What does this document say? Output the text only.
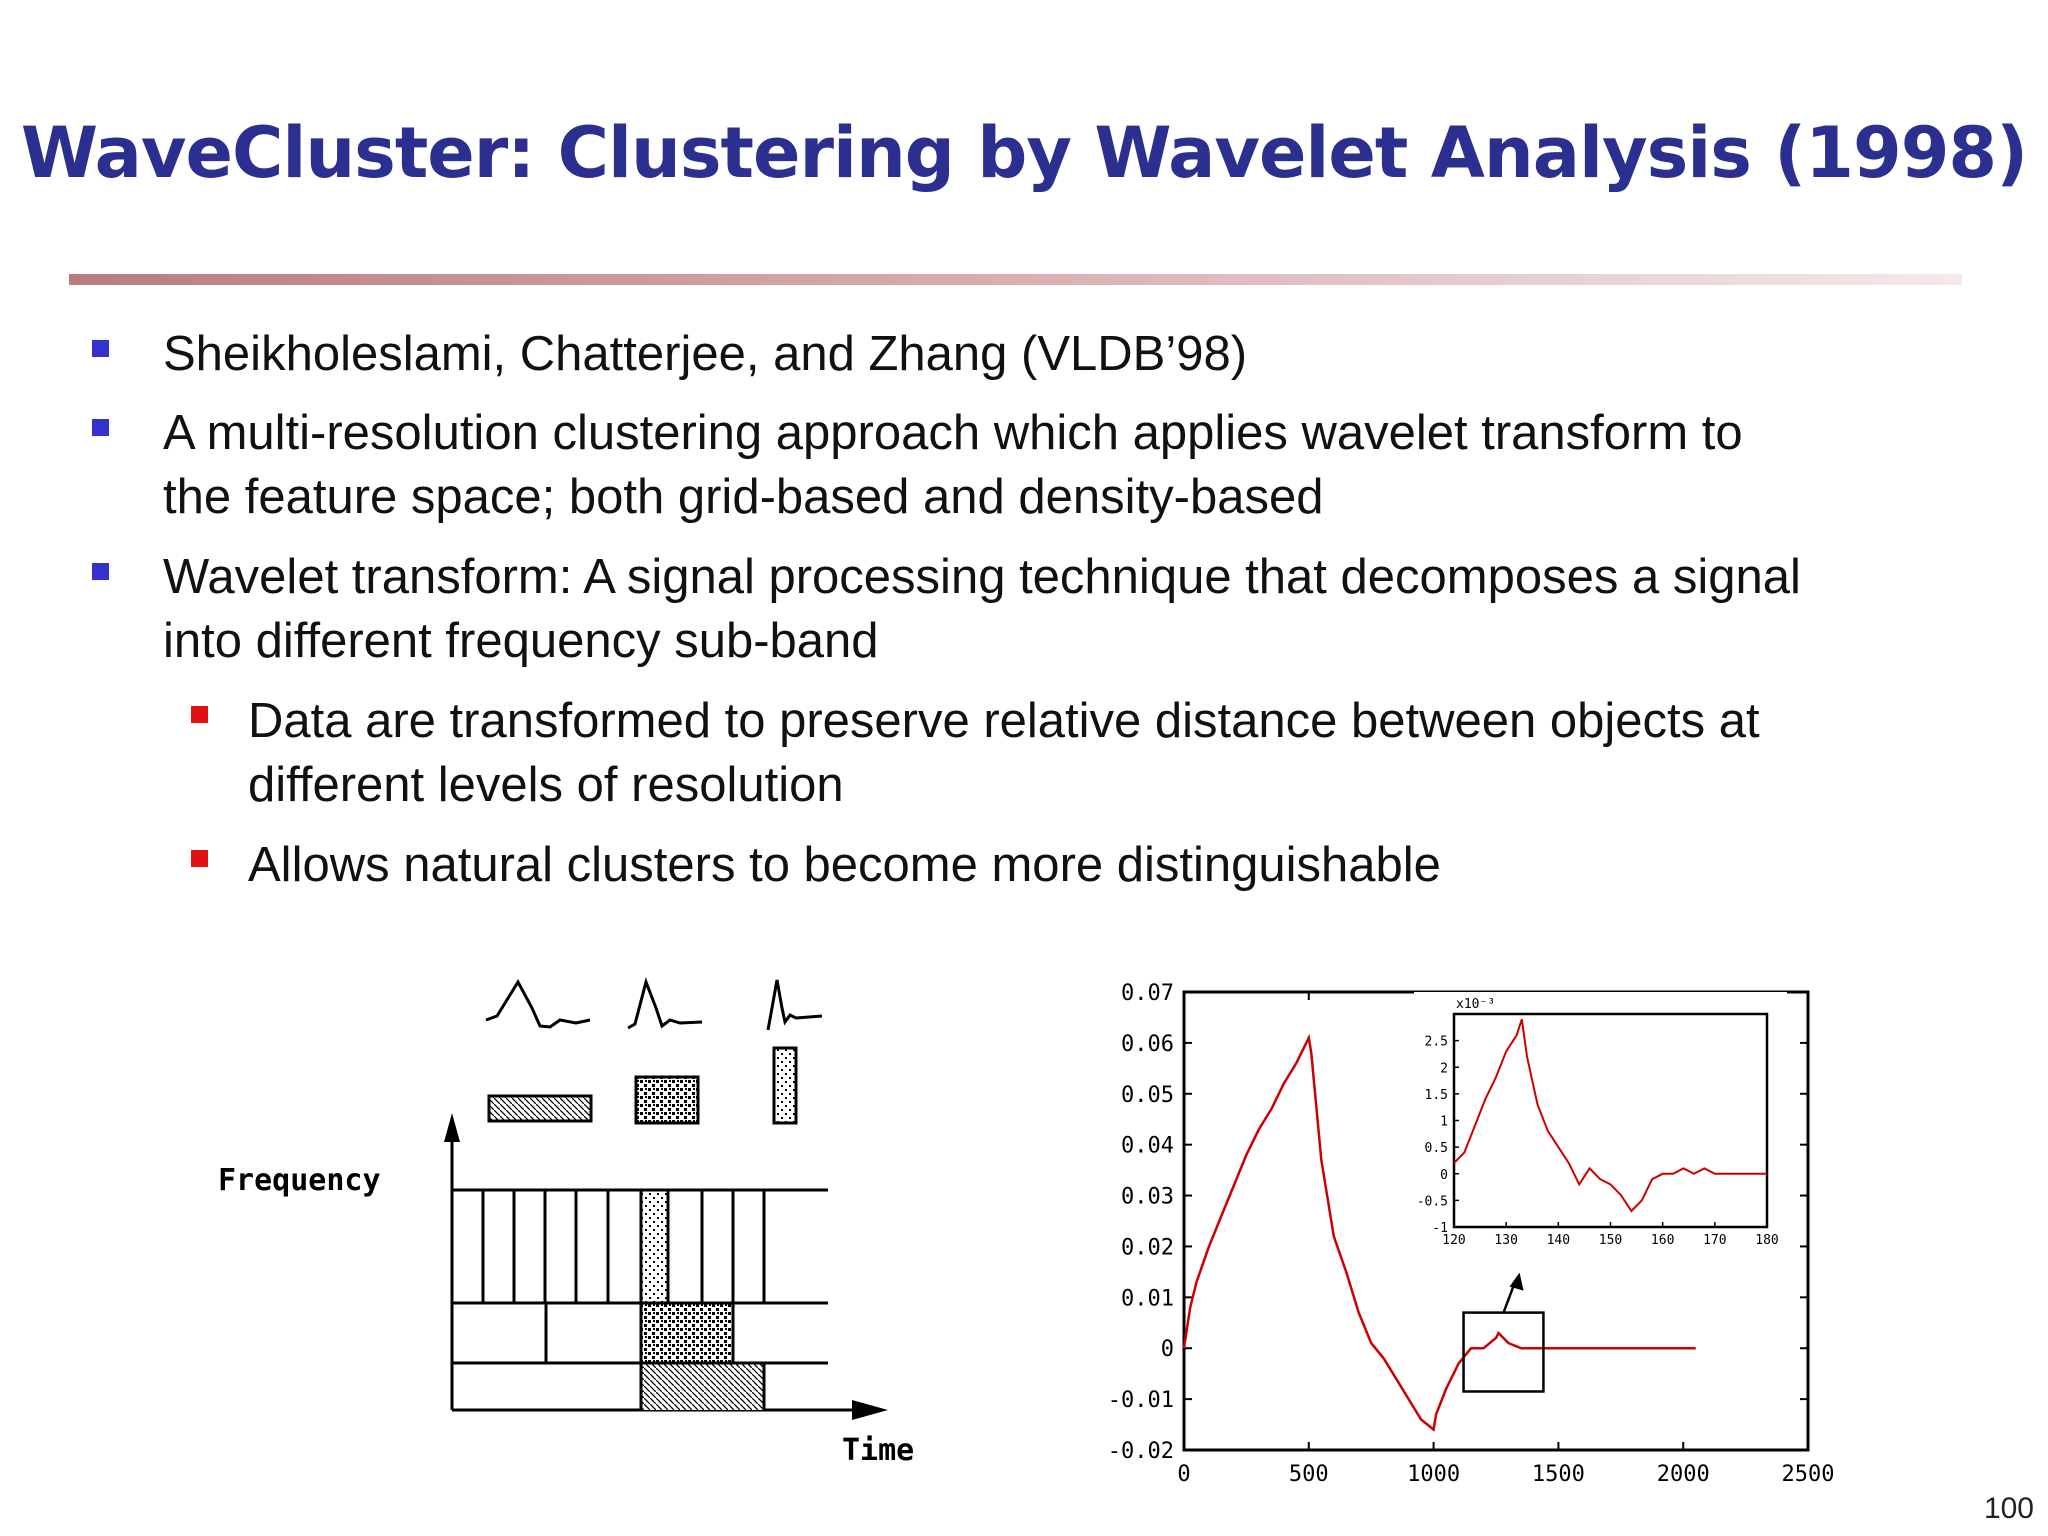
WaveCluster: Clustering by Wavelet Analysis (1998)
Sheikholeslami, Chatterjee, and Zhang (VLDB’98)
A multi-resolution clustering approach which applies wavelet transform to
the feature space; both grid-based and density-based
Wavelet transform: A signal processing technique that decomposes a signal
into different frequency sub-band
Data are transformed to preserve relative distance between objects at
different levels of resolution
Allows natural clusters to become more distinguishable
Frequency
Time
0.07
0.06
0.05
0.04
0.03
0.02
0.01
0
-0.01
-0.02
0	500	1000	1500	2000	2500
x10⁻³
2.5
2
1.5
1
0.5
0
-0.5
-1
120 130 140 150 160 170 180
100
